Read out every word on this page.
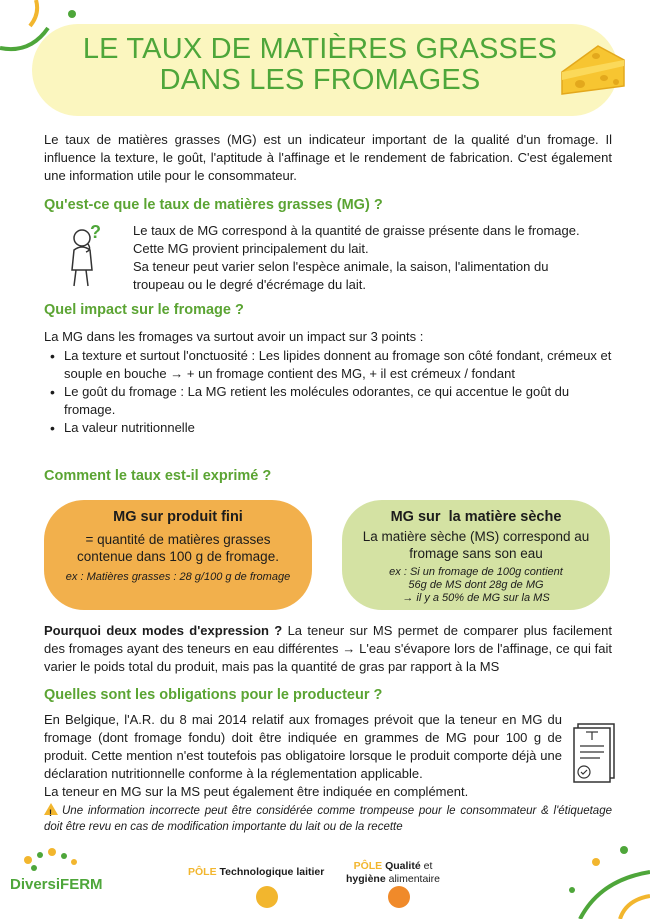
LE TAUX DE MATIÈRES GRASSES
DANS LES FROMAGES

Le taux de matières grasses (MG) est un indicateur important de la qualité d'un fromage. Il influence la texture, le goût, l'aptitude à l'affinage et le rendement de fabrication. C'est également une information utile pour le consommateur.

Qu'est-ce que le taux de matières grasses (MG) ?
? Le taux de MG correspond à la quantité de graisse présente dans le fromage.
Cette MG provient principalement du lait.
Sa teneur peut varier selon l'espèce animale, la saison, l'alimentation du
troupeau ou le degré d'écrémage du lait.
Quel impact sur le fromage ?

La MG dans les fromages va surtout avoir un impact sur 3 points :

• La texture et surtout l'onctuosité : Les lipides donnent au fromage son côté fondant, crémeux et souple en bouche → + un fromage contient des MG, + il est crémeux / fondant
• Le goût du fromage : La MG retient les molécules odorantes, ce qui accentue le goût du fromage.
• La valeur nutritionnelle
Comment le taux est-il exprimé ?
MG sur produit fini
= quantité de matières grasses contenue dans 100 g de fromage.
ex : Matières grasses : 28 g/100 g de fromage
MG sur  la matière sèche
La matière sèche (MS) correspond au fromage sans son eau
ex : Si un fromage de 100g contient
56g de MS dont 28g de MG
→ il y a 50% de MG sur la MS

Pourquoi deux modes d'expression ? La teneur sur MS permet de comparer plus facilement des fromages ayant des teneurs en eau différentes → L'eau s'évapore lors de l'affinage, ce qui fait varier le poids total du produit, mais pas la quantité de gras par rapport à la MS

Quelles sont les obligations pour le producteur ?

En Belgique, l'A.R. du 8 mai 2014 relatif aux fromages prévoit que la teneur en MG du fromage (dont fromage fondu) doit être indiquée en grammes de MG pour 100 g de produit. Cette mention n'est toutefois pas obligatoire lorsque le produit comporte déjà une déclaration nutritionnelle conforme à la réglementation applicable.

La teneur en MG sur la MS peut également être indiquée en complément.

! Une information incorrecte peut être considérée comme trompeuse pour le consommateur & l'étiquetage doit être revu en cas de modification importante du lait ou de la recette

DiversiFERM
PÔLE Technologique laitier	PÔLE Qualité et
hygiène alimentaire
